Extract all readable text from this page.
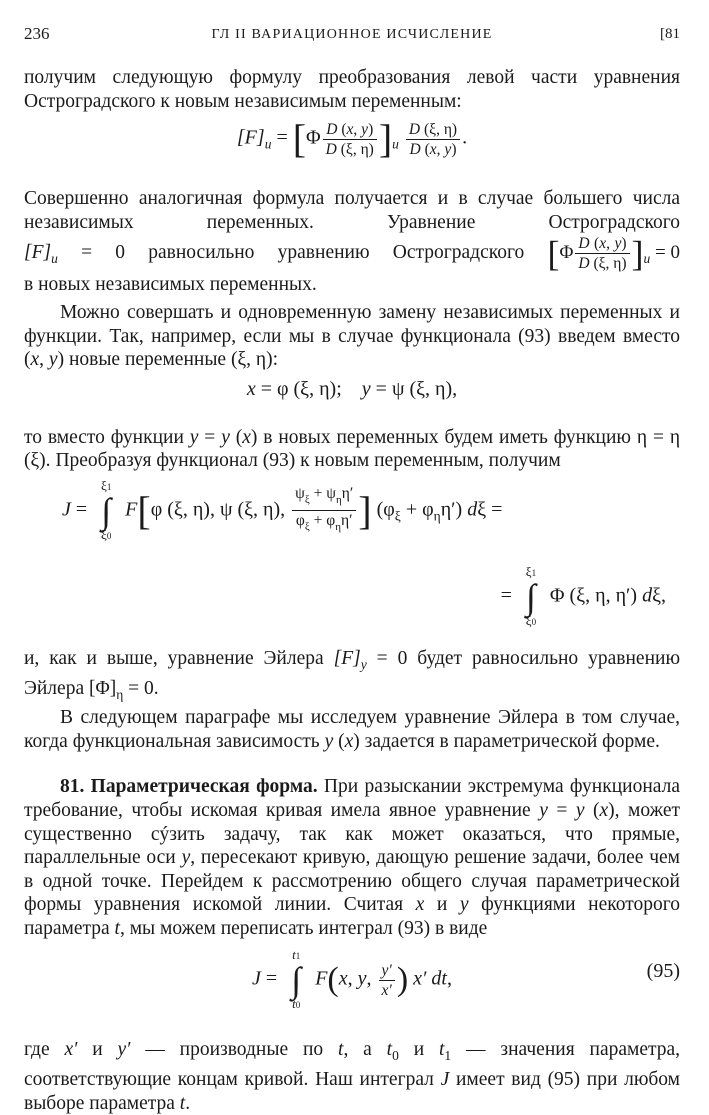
236	ГЛ II ВАРИАЦИОННОЕ ИСЧИСЛЕНИЕ	[81

получим следующую формулу преобразования левой части уравнения Остроградского к новым независимым переменным:

$[F]_u = [\Phi \frac{D (x, y)}{D (\xi, \eta)} ]_u \frac{D (\xi, \eta)}{D (x, y)}$ .

Совершенно аналогичная формула получается и в случае большего числа независимых переменных. Уравнение Остроградского $[F]_u = 0$ равносильно уравнению Остроградского $[\Phi \frac{D (x, y)}{D (\xi, \eta)} ]_u = 0$ в новых независимых переменных.

Можно совершать и одновременную замену независимых переменных и функции. Так, например, если мы в случае функционала (93) введем вместо (x, y) новые переменные (ξ, η):

x = φ (ξ, η);    y = ψ (ξ, η),

то вместо функции y = y (x) в новых переменных будем иметь функцию η = η (ξ). Преобразуя функционал (93) к новым переменным, получим

J =
ξ1
∫
ξ0
F[φ (ξ, η), ψ (ξ, η), $\frac{\psi_\xi + \psi_\eta\eta'}{\varphi_\xi + \varphi_\eta\eta'}$ ] $(\varphi_\xi + \varphi_\eta\eta') d\xi$ =
=
ξ1
∫
ξ0
Φ (ξ, η, η′) dξ,

и, как и выше, уравнение Эйлера $[F]_y = 0$ будет равносильно уравнению Эйлера $[\Phi]_\eta = 0$.

В следующем параграфе мы исследуем уравнение Эйлера в том случае, когда функциональная зависимость y (x) задается в параметрической форме.

81. Параметрическая форма. При разыскании экстремума функционала требование, чтобы искомая кривая имела явное уравнение y = y (x), может существенно сýзить задачу, так как может оказаться, что прямые, параллельные оси y, пересекают кривую, дающую решение задачи, более чем в одной точке. Перейдем к рассмотрению общего случая параметрической формы уравнения искомой линии. Считая x и y функциями некоторого параметра t, мы можем переписать интеграл (93) в виде

J =
t1
∫
t0
F(x, y, $\frac{y'}{x'}$ ) x′ dt,	(95)

где x′ и y′ — производные по t, а $t_0$ и $t_1$ — значения параметра, соответствующие концам кривой. Наш интеграл J имеет вид (95) при любом выборе параметра t.
